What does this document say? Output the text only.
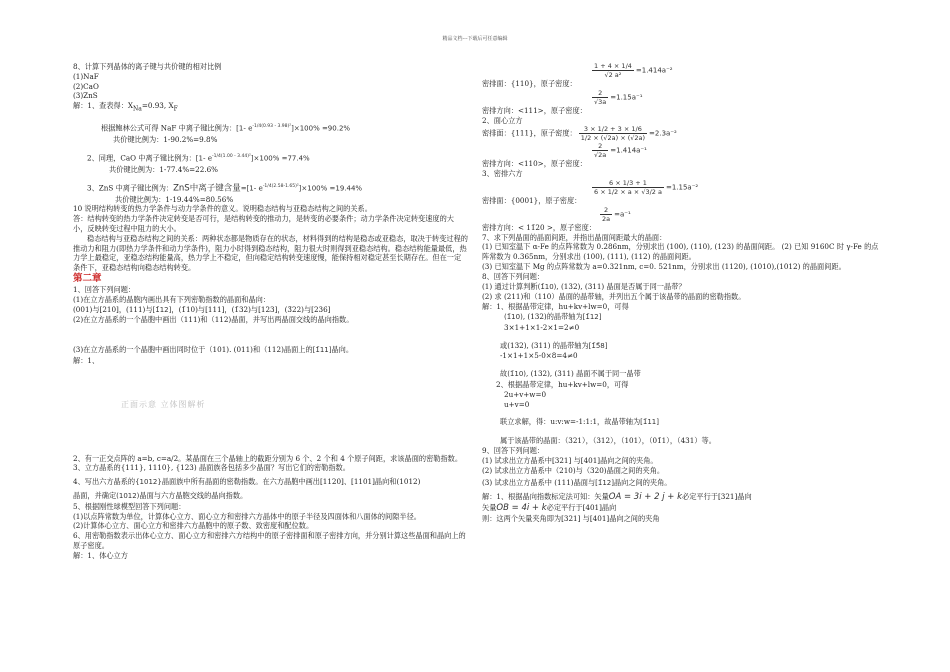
精品文档---下载后可任意编辑
8、计算下列晶体的离子键与共价键的相对比例
(1)NaF
(2)CaO
(3)ZnS
解：1、查表得：$X_{Na}=0.93$, $X_F$
根据鲍林公式可得 NaF 中离子键比例为：[1- $e^{-1/4(0.93 - 3.98)^2}]\times 100\% =90.2\%$
共价键比例为：1-90.2%=9.8%
2、同理，CaO 中离子键比例为：[1- $e^{-1/4(1.00 - 3.44)^2}]\times 100\% =77.4\%$
共价键比例为：1-77.4%=22.6%
3、ZnS 中离子键比例为：ZnS中离子键含量=[1- $e^{-1/4(2.58-1.65)^2}]\times 100\% =19.44\%$
共价键比例为：1-19.44%=80.56%
10 说明结构转变的热力学条件与动力学条件的意义。说明稳态结构与亚稳态结构之间的关系。
答：结构转变的热力学条件决定转变是否可行，是结构转变的推动力，是转变的必要条件；动力学条件决定转变速度的大小，反映转变过程中阻力的大小。
稳态结构与亚稳态结构之间的关系：两种状态都是物质存在的状态，材料得到的结构是稳态或亚稳态，取决于转变过程的推动力和阻力(即热力学条件和动力学条件)，阻力小时得到稳态结构，阻力很大时则得到亚稳态结构。稳态结构能量最低，热力学上最稳定，亚稳态结构能量高，热力学上不稳定，但向稳定结构转变速度慢，能保持相对稳定甚至长期存在。但在一定条件下，亚稳态结构向稳态结构转变。
第二章
1、回答下列问题：
(1)在立方晶系的晶胞内画出具有下列密勒指数的晶面和晶向：
(001)与[210]，(111)与[1̄12]，(1̄10)与[111]，(1̄32)与[123]，(3̄22)与[236]
(2)在立方晶系的一个晶胞中画出（111)和（112)晶面，并写出两晶面交线的晶向指数。
(3)在立方晶系的一个晶胞中画出同时位于（101). (011)和（112)晶面上的[1̄11]晶向。
解：1、
正面示意 立体图解析
2、有一正交点阵的 a=b, c=a/2。某晶面在三个晶轴上的截距分别为 6 个、2 个和 4 个原子间距，求该晶面的密勒指数。
3、立方晶系的{111}, 1110}, {123) 晶面族各包括多少晶面？写出它们的密勒指数。
4、写出六方晶系的{1012}晶面族中所有晶面的密勒指数。在六方晶胞中画出[1120]、[1101]晶向和(1012)
晶面，并确定(1012)晶面与六方晶胞交线的晶向指数。
5、根据刚性球模型回答下列问题：
(1)以点阵常数为单位，计算体心立方、面心立方和密排六方晶体中的原子半径及四面体和八面体的间隙半径。
(2)计算体心立方、面心立方和密排六方晶胞中的原子数、致密度和配位数。
6、用密勒指数表示出体心立方、面心立方和密排六方结构中的原子密排面和原子密排方向，并分别计算这些晶面和晶向上的原子密度。
解：1、体心立方
$\frac{1 + 4 \times 1/4}{\text{√2 a²}} =1.414a^{-2}$
密排面：{110}，原子密度：
$\frac{2}{√3a} =1.15a^{-1}$
密排方向：<111>，原子密度：
2、面心立方
密排面：{111}，原子密度： $\frac{3 \times 1/2 + 3 \times 1/6}{1/2 \times (√2a) \times (√2a)} =2.3a^{-2}$
$\frac{2}{√2a} =1.414a^{-1}$
密排方向：<110>，原子密度：
3、密排六方
$\frac{6 \times 1/3 + 1}{6 \times 1/2 \times a \times √3/2 a} =1.15a^{-2}$
密排面：{0001}，原子密度：
$\frac{2}{2a} =a^{-1}$
密排方向：< 11̄20 >，原子密度：
7、求下列晶面的晶面间距，并指出晶面间距最大的晶面：
(1) 已知室温下 α-Fe 的点阵常数为 0.286nm，分别求出 (100), (110), (123) 的晶面间距。 (2) 已知 9160C 时 γ-Fe 的点阵常数为 0.365nm，分别求出 (100), (111), (112) 的晶面间距。
(3) 已知室温下 Mg 的点阵常数为 a=0.321nm, c=0. 521nm，分别求出 (1120), (1010),(1012) 的晶面间距。
8、回答下列问题：
(1) 通过计算判断(1̄10), (132), (311) 晶面是否属于同一晶带？
(2) 求 (211)和（110）晶面的晶带轴，并列出五个属于该晶带的晶面的密勒指数。
解：1、根据晶带定律，hu+kv+lw=0，可得
(1̄10), (132)的晶带轴为[1̄12]
3×1+1×1-2×1=2≠0
或(132), (311) 的晶带轴为[1̄5̄8]
-1×1+1×5-0×8=4≠0
故(1̄10), (132), (311) 晶面不属于同一晶带
2、根据晶带定律，hu+kv+lw=0，可得
2u+v+w=0
u+v=0
联立求解，得：u:v:w=-1:1:1，故晶带轴为[1̄11]
属于该晶带的晶面：（321），（312），（101），（01̄1），（431）等。
9、回答下列问题：
(1) 试求出立方晶系中[321] 与[401]晶向之间的夹角。
(2) 试求出立方晶系中（210)与（320)晶面之间的夹角。
(3) 试求出立方晶系中 (111)晶面与[1̄12]晶向之间的夹角。
解：1、根据晶向指数标定法可知：矢量OA = 3i + 2 j + k必定平行于[321]晶向
矢量OB = 4i + k必定平行于[401]晶向
则：这两个矢量夹角即为[321] 与[401]晶向之间的夹角
